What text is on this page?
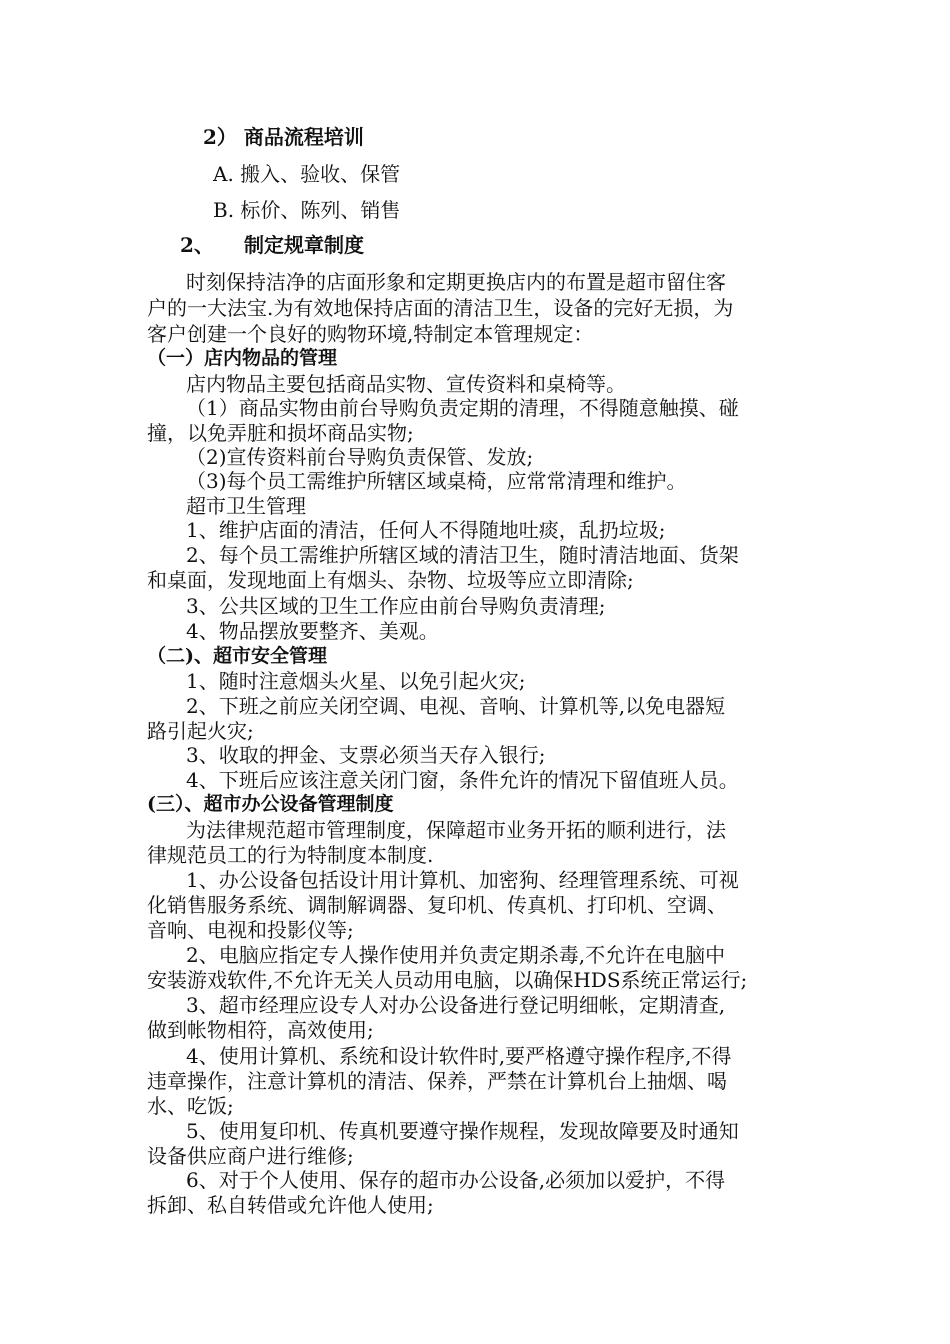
2） 商品流程培训
A. 搬入、验收、保管
B. 标价、陈列、销售
2、 制定规章制度
时刻保持洁净的店面形象和定期更换店内的布置是超市留住客
户的一大法宝.为有效地保持店面的清洁卫生，设备的完好无损，为
客户创建一个良好的购物环境,特制定本管理规定：
（一）店内物品的管理
店内物品主要包括商品实物、宣传资料和桌椅等。
（1）商品实物由前台导购负责定期的清理，不得随意触摸、碰
撞，以免弄脏和损坏商品实物;
（2)宣传资料前台导购负责保管、发放;
（3)每个员工需维护所辖区域桌椅，应常常清理和维护。
超市卫生管理
1、维护店面的清洁，任何人不得随地吐痰，乱扔垃圾;
2、每个员工需维护所辖区域的清洁卫生，随时清洁地面、货架
和桌面，发现地面上有烟头、杂物、垃圾等应立即清除;
3、公共区域的卫生工作应由前台导购负责清理;
4、物品摆放要整齐、美观。
（二)、超市安全管理
1、随时注意烟头火星、以免引起火灾;
2、下班之前应关闭空调、电视、音响、计算机等,以免电器短
路引起火灾;
3、收取的押金、支票必须当天存入银行;
4、下班后应该注意关闭门窗，条件允许的情况下留值班人员。
(三）、超市办公设备管理制度
为法律规范超市管理制度，保障超市业务开拓的顺利进行，法
律规范员工的行为特制度本制度.
1、办公设备包括设计用计算机、加密狗、经理管理系统、可视
化销售服务系统、调制解调器、复印机、传真机、打印机、空调、
音响、电视和投影仪等;
2、电脑应指定专人操作使用并负责定期杀毒,不允许在电脑中
安装游戏软件,不允许无关人员动用电脑，以确保HDS系统正常运行;
3、超市经理应设专人对办公设备进行登记明细帐，定期清查,
做到帐物相符，高效使用;
4、使用计算机、系统和设计软件时,要严格遵守操作程序,不得
违章操作，注意计算机的清洁、保养，严禁在计算机台上抽烟、喝
水、吃饭;
5、使用复印机、传真机要遵守操作规程，发现故障要及时通知
设备供应商户进行维修;
6、对于个人使用、保存的超市办公设备,必须加以爱护，不得
拆卸、私自转借或允许他人使用;
